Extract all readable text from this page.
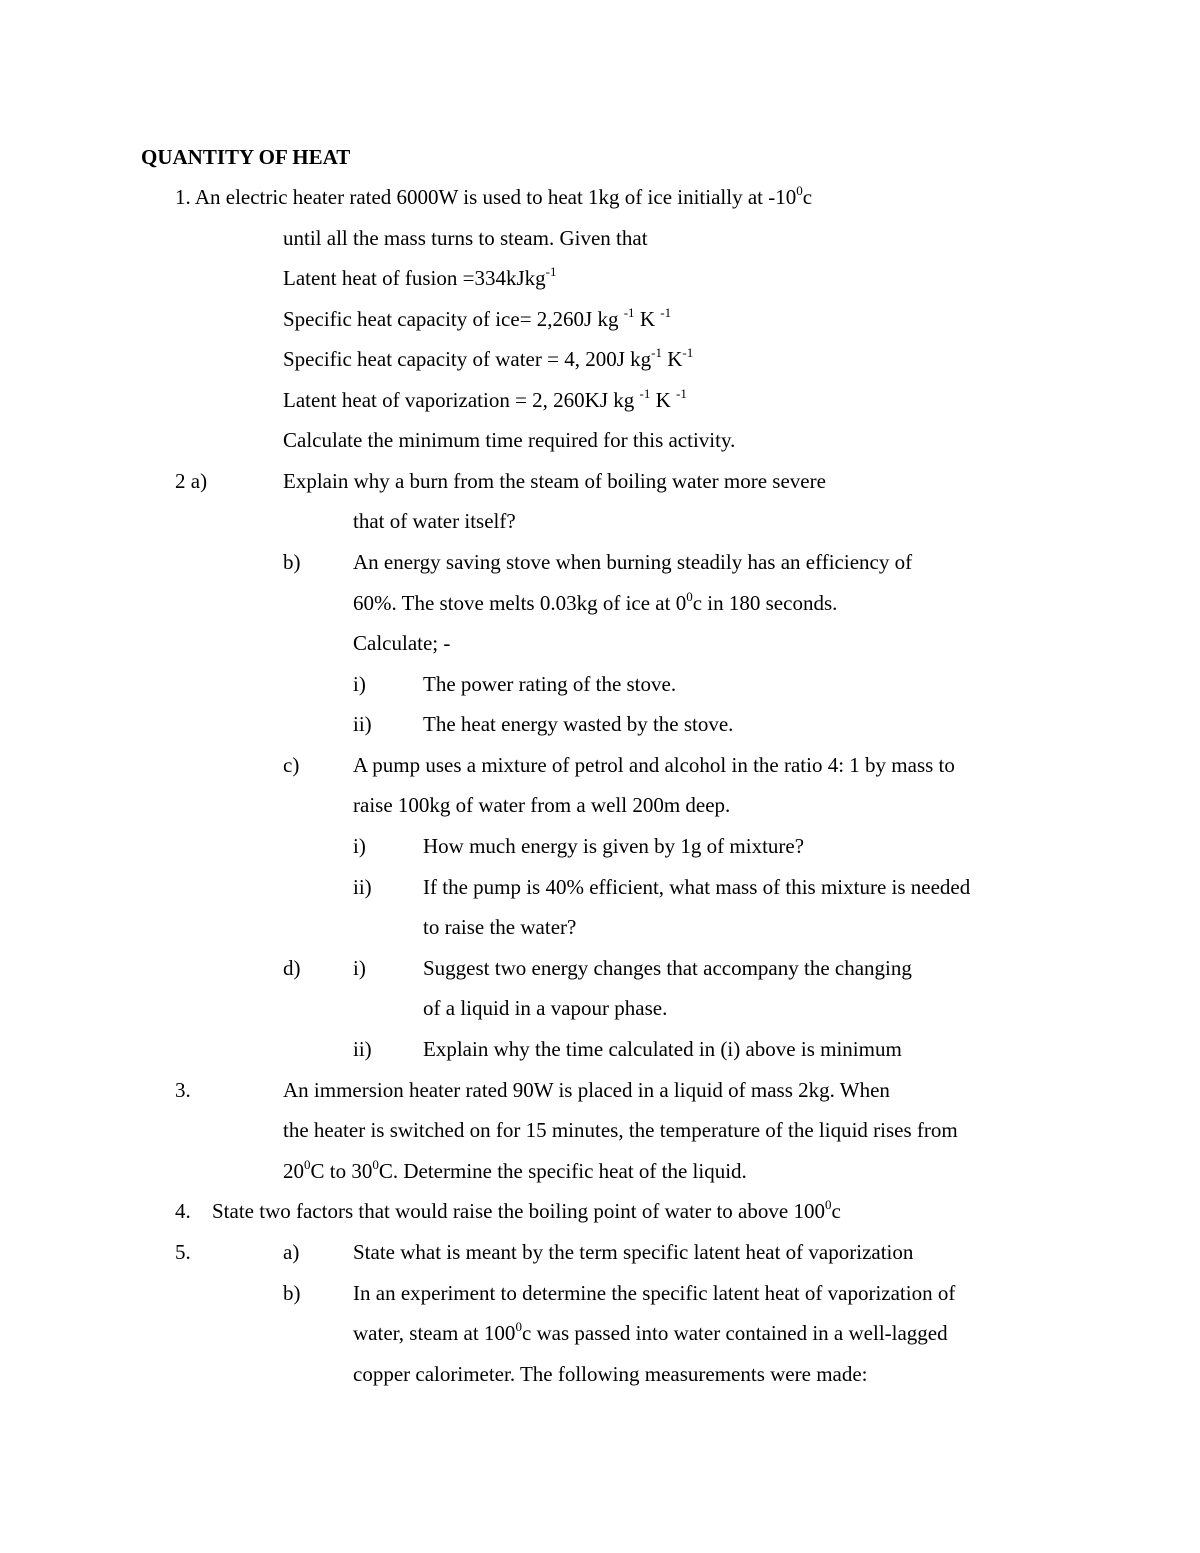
QUANTITY OF HEAT
1. An electric heater rated 6000W is used to heat 1kg of ice initially at $-10^0c$
until all the mass turns to steam. Given that
Latent heat of fusion =334kJkg$^{-1}$
Specific heat capacity of ice= 2,260J kg $^{-1}$ K $^{-1}$
Specific heat capacity of water = 4, 200J $kg^{-1}$ $K^{-1}$
Latent heat of vaporization = 2, 260KJ kg $^{-1}$ K $^{-1}$
Calculate the minimum time required for this activity.
2 a)	Explain why a burn from the steam of boiling water more severe
that of water itself?
b)	An energy saving stove when burning steadily has an efficiency of
60%. The stove melts 0.03kg of ice at $0^0c$ in 180 seconds.
Calculate; -
i)	The power rating of the stove.
ii) The heat energy wasted by the stove.
c)	A pump uses a mixture of petrol and alcohol in the ratio 4: 1 by mass to
raise 100kg of water from a well 200m deep.
i)	How much energy is given by 1g of mixture?
ii) If the pump is 40% efficient, what mass of this mixture is needed
to raise the water?
d)	i)	Suggest two energy changes that accompany the changing
of a liquid in a vapour phase.
ii) Explain why the time calculated in (i) above is minimum
3.	An immersion heater rated 90W is placed in a liquid of mass 2kg. When
the heater is switched on for 15 minutes, the temperature of the liquid rises from
$20^0C$ to $30^0C$. Determine the specific heat of the liquid.
4. State two factors that would raise the boiling point of water to above $100^0c$
5.	a)	State what is meant by the term specific latent heat of vaporization
b)	In an experiment to determine the specific latent heat of vaporization of
water, steam at $100^0c$ was passed into water contained in a well-lagged
copper calorimeter. The following measurements were made:
